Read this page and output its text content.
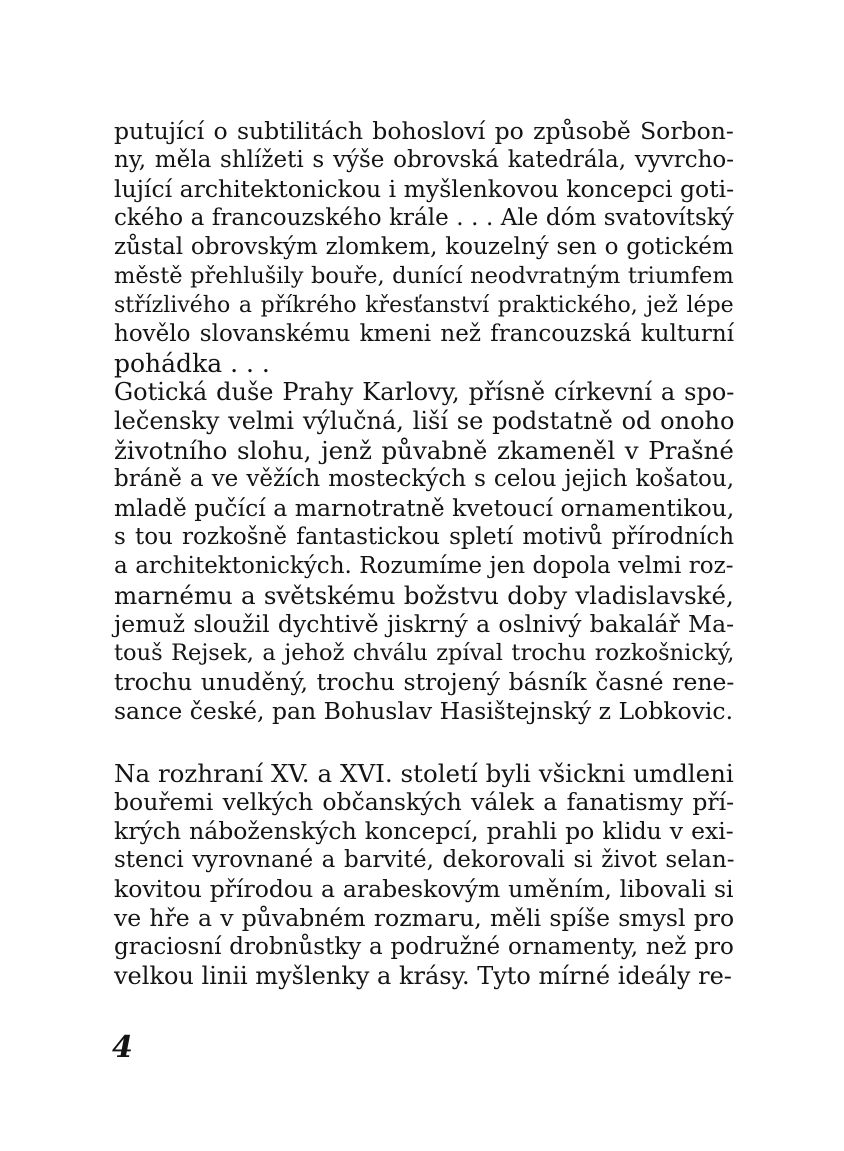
putující o subtilitách bohosloví po způsobě Sorbon-
ny, měla shlížeti s výše obrovská katedrála, vyvrcho-
lující architektonickou i myšlenkovou koncepci goti-
ckého a francouzského krále . . . Ale dóm svatovítský
zůstal obrovským zlomkem, kouzelný sen o gotickém
městě přehlušily bouře, dunící neodvratným triumfem
střízlivého a příkrého křesťanství praktického, jež lépe
hovělo slovanskému kmeni než francouzská kulturní
pohádka . . .
Gotická duše Prahy Karlovy, přísně církevní a spo-
lečensky velmi výlučná, liší se podstatně od onoho
životního slohu, jenž půvabně zkameněl v Prašné
bráně a ve věžích mosteckých s celou jejich košatou,
mladě pučící a marnotratně kvetoucí ornamentikou,
s tou rozkošně fantastickou spletí motivů přírodních
a architektonických. Rozumíme jen dopola velmi roz-
marnému a světskému božstvu doby vladislavské,
jemuž sloužil dychtivě jiskrný a oslnivý bakalář Ma-
touš Rejsek, a jehož chválu zpíval trochu rozkošnický,
trochu unuděný, trochu strojený básník časné rene-
sance české, pan Bohuslav Hasištejnský z Lobkovic.
Na rozhraní XV. a XVI. století byli všickni umdleni
bouřemi velkých občanských válek a fanatismy pří-
krých náboženských koncepcí, prahli po klidu v exi-
stenci vyrovnané a barvité, dekorovali si život selan-
kovitou přírodou a arabeskovým uměním, libovali si
ve hře a v půvabném rozmaru, měli spíše smysl pro
graciosní drobnůstky a podružné ornamenty, než pro
velkou linii myšlenky a krásy. Tyto mírné ideály re-
4
